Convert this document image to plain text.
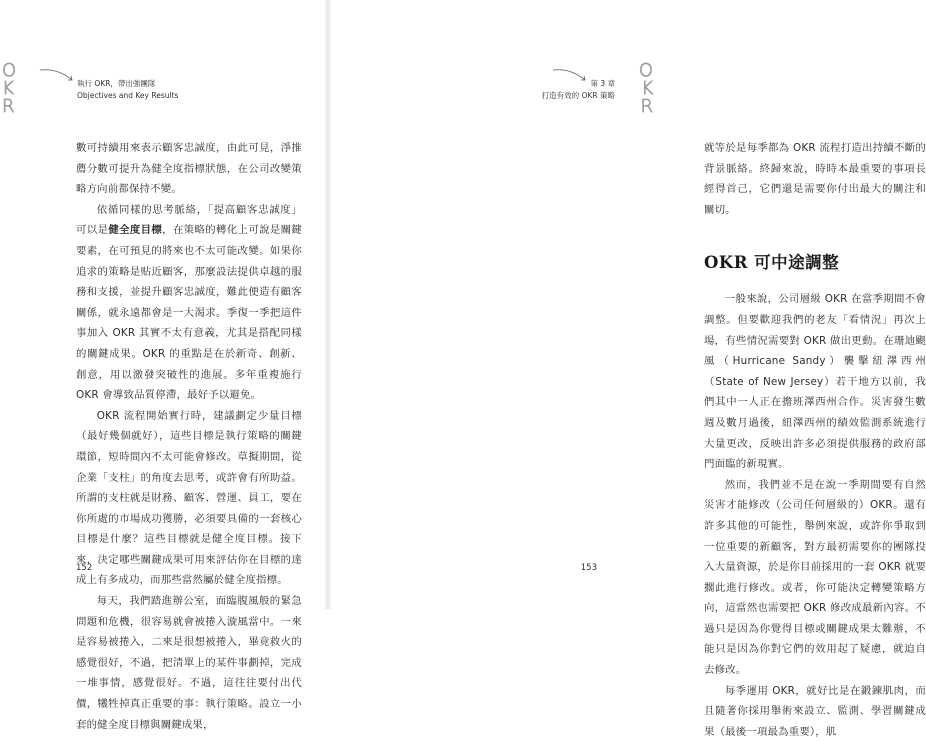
O
K
R
執行 OKR，帶出強團隊
Objectives and Key Results

數可持續用來表示顧客忠誠度，由此可見，淨推薦分數可提升為健全度指標狀態，在公司改變策略方向前都保持不變。

依循同樣的思考脈絡，「提高顧客忠誠度」可以是健全度目標，在策略的轉化上可說是關鍵要素，在可預見的將來也不太可能改變。如果你追求的策略是贴近顧客，那麼設法提供卓越的服務和支援，並提升顧客忠誠度，難此便造有顧客關係，就永遠都會是一大渴求。季復一季把這件事加入 OKR 其實不太有意義，尤其是搭配同樣的關鍵成果。OKR 的重點是在於新奇、創新、創意，用以激發突破性的進展。多年重複施行 OKR 會導致品質停滯，最好予以避免。

OKR 流程開始實行時，建議劃定少量目標（最好幾個就好），這些目標是執行策略的關鍵環節，短時間內不太可能會修改。草擬期間，從企業「支柱」的角度去思考，或許會有所助益。所謂的支柱就是財務、顧客、營運、員工，要在你所處的市場成功獲勝，必須要具備的一套核心目標是什麼？這些目標就是健全度目標。接下來，決定哪些關鍵成果可用來評估你在目標的達成上有多成功，而那些當然屬於健全度指標。

每天，我們踏進辦公室，面臨腹風般的緊急問題和危機，很容易就會被捲入漩風當中。一來是容易被捲入，二來是很想被捲入，畢竟救火的感覺很好，不過，把清單上的某件事劃掉，完成一堆事情，感覺很好。不過，這往往要付出代價，犧牲掉真正重要的事：執行策略。設立一小套的健全度目標與關鍵成果，

152
O
K
R
第 3 章
打造有效的 OKR 策略

就等於是每季都為 OKR 流程打造出持續不斷的背景脈絡。終歸來說，時時本最重要的事項長經得首己，它們還是需要你付出最大的關注和關切。

OKR 可中途調整

一般來說，公司層級 OKR 在當季期間不會調整。但要歡迎我們的老友「看情況」再次上場，有些情況需要對 OKR 做出更動。在珊迪颶風（Hurricane Sandy）襲擊紐澤西州（State of New Jersey）若干地方以前，我們其中一人正在擔班澤西州合作。災害發生數週及數月過後，紐澤西州的績效監測系統進行大量更改，反映出許多必須提供服務的政府部門面臨的新現實。

然而，我們並不是在說一季期間要有自然災害才能修改（公司任何層級的）OKR。還有許多其他的可能性，舉例來說，或許你爭取到一位重要的新顧客，對方最初需要你的團隊投入大量資源，於是你目前採用的一套 OKR 就要擱此進行修改。或者，你可能決定轉變策略方向，這當然也需要把 OKR 修改成最新內容。不過只是因為你覺得目標或關鍵成果太難辦，不能只是因為你對它們的效用起了疑慮，就迫自去修改。

每季運用 OKR，就好比是在鍛鍊肌肉，而且隨著你採用舉術來設立、監測、學習關鍵成果（最後一項最為重要），肌

153
